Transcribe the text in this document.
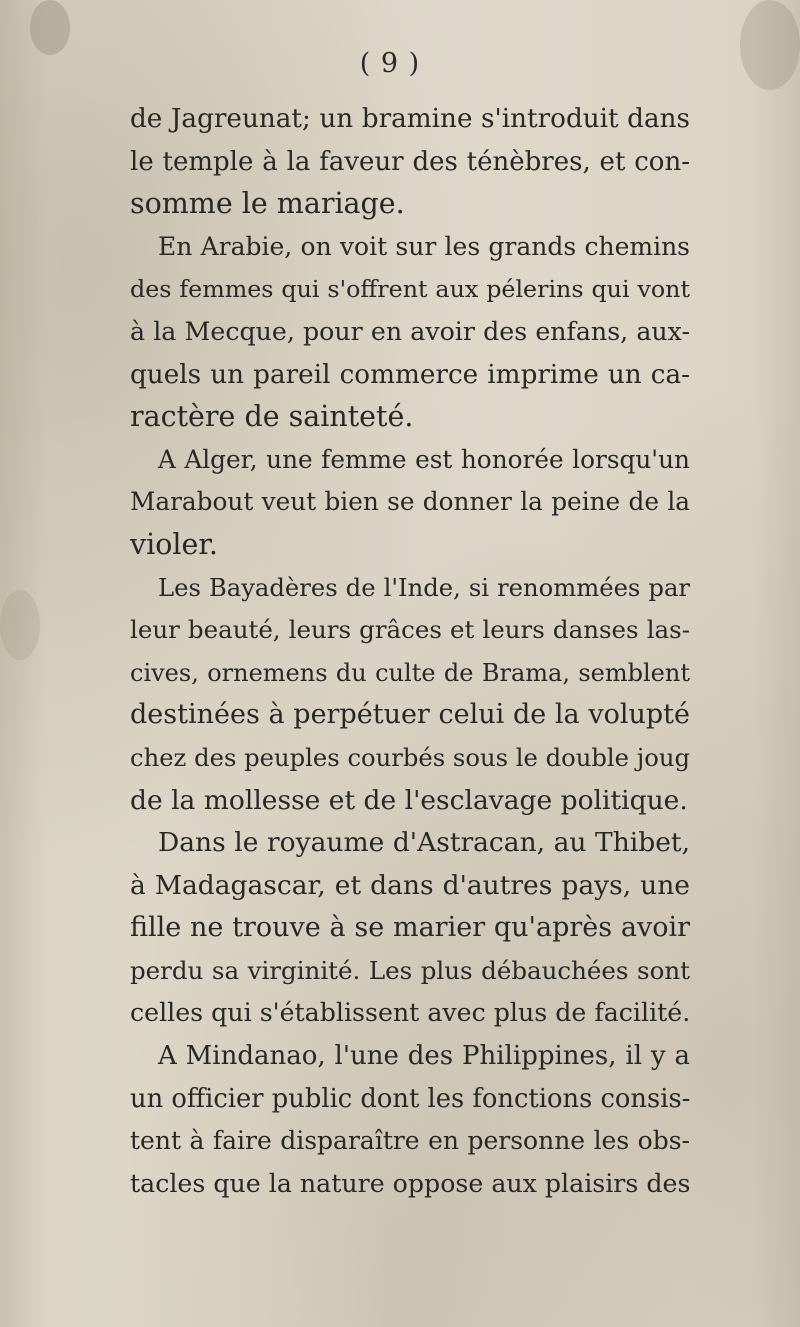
( 9 )
de Jagreunat; un bramine s'introduit dans
le temple à la faveur des ténèbres, et con-
somme le mariage.
En Arabie, on voit sur les grands chemins
des femmes qui s'offrent aux pélerins qui vont
à la Mecque, pour en avoir des enfans, aux-
quels un pareil commerce imprime un ca-
ractère de sainteté.
A Alger, une femme est honorée lorsqu'un
Marabout veut bien se donner la peine de la
violer.
Les Bayadères de l'Inde, si renommées par
leur beauté, leurs grâces et leurs danses las-
cives, ornemens du culte de Brama, semblent
destinées à perpétuer celui de la volupté
chez des peuples courbés sous le double joug
de la mollesse et de l'esclavage politique.
Dans le royaume d'Astracan, au Thibet,
à Madagascar, et dans d'autres pays, une
fille ne trouve à se marier qu'après avoir
perdu sa virginité. Les plus débauchées sont
celles qui s'établissent avec plus de facilité.
A Mindanao, l'une des Philippines, il y a
un officier public dont les fonctions consis-
tent à faire disparaître en personne les obs-
tacles que la nature oppose aux plaisirs des
